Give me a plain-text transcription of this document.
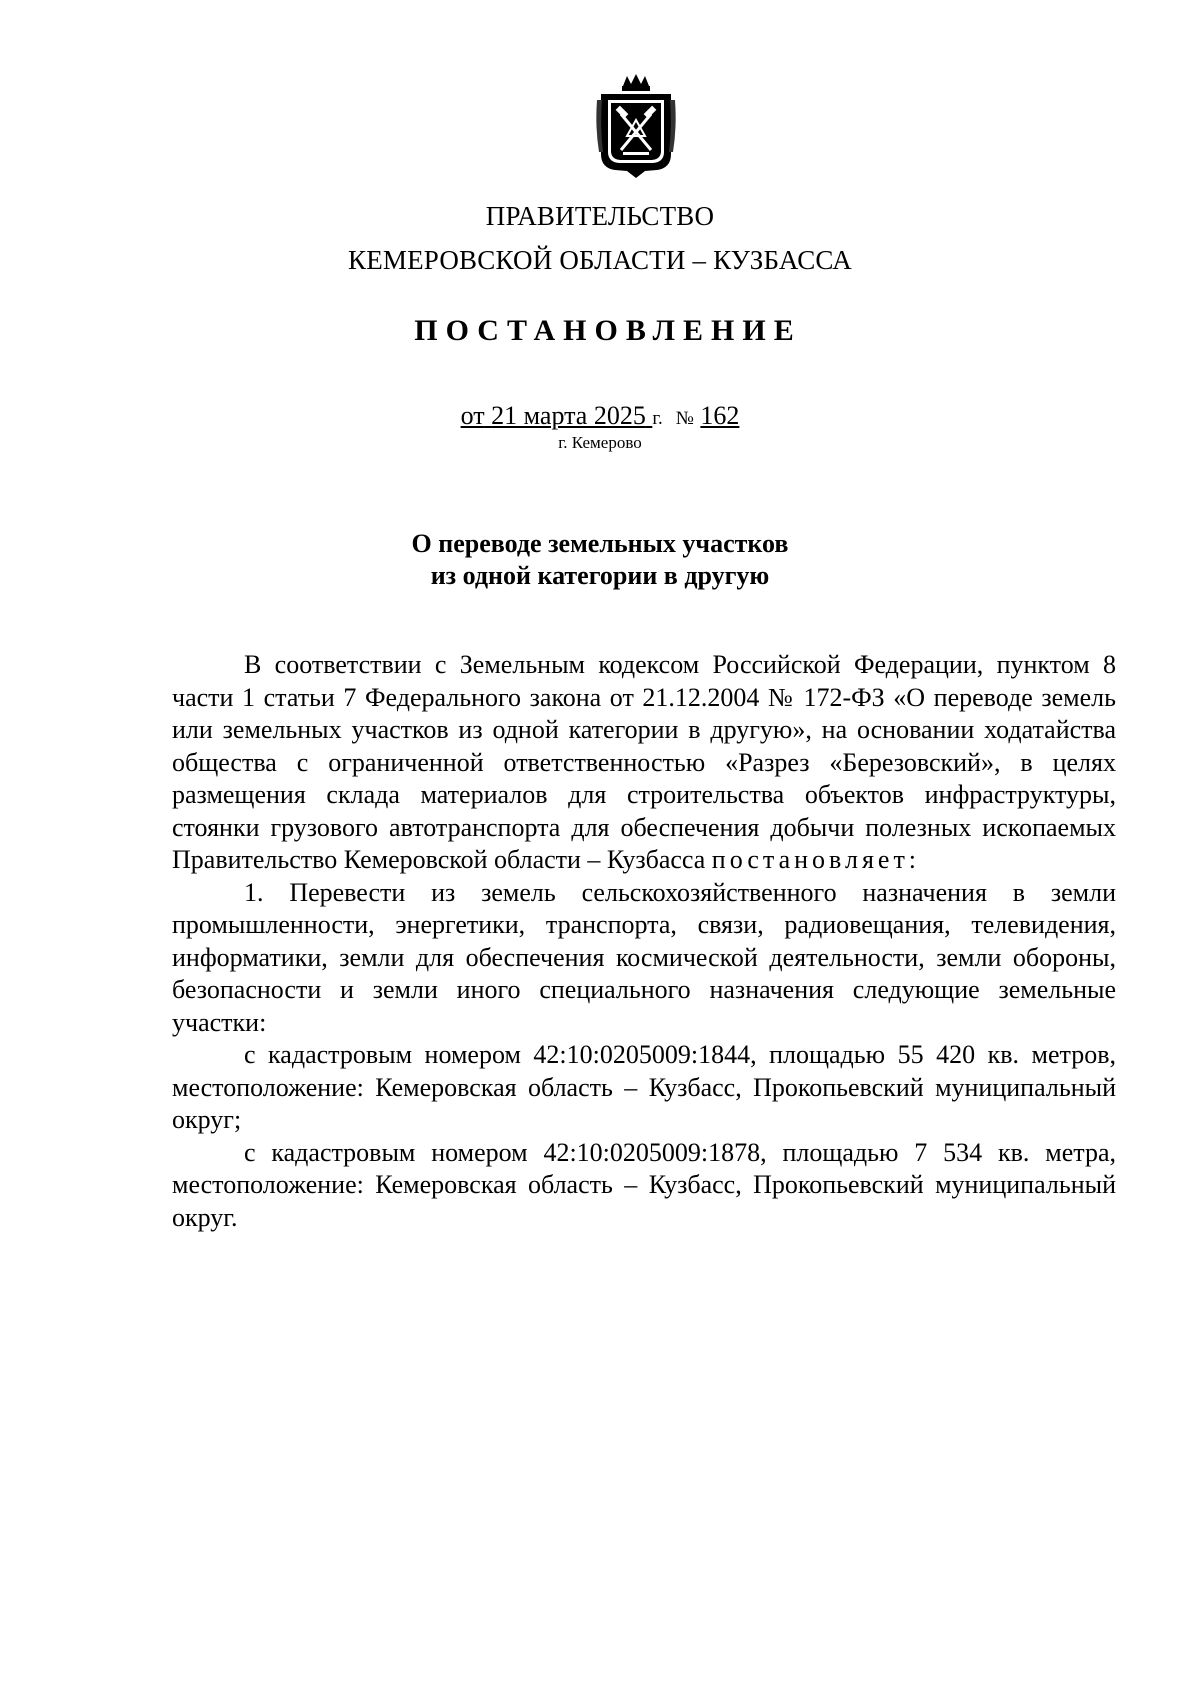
ПРАВИТЕЛЬСТВО
КЕМЕРОВСКОЙ ОБЛАСТИ – КУЗБАССА
ПОСТАНОВЛЕНИЕ
от 21 марта 2025 г. № 162
г. Кемерово
О переводе земельных участков
из одной категории в другую

В соответствии с Земельным кодексом Российской Федерации, пунктом 8 части 1 статьи 7 Федерального закона от 21.12.2004 № 172-ФЗ «О переводе земель или земельных участков из одной категории в другую», на основании ходатайства общества с ограниченной ответственностью «Разрез «Березовский», в целях размещения склада материалов для строительства объектов инфраструктуры, стоянки грузового автотранспорта для обеспечения добычи полезных ископаемых Правительство Кемеровской области – Кузбасса постановляет:

1. Перевести из земель сельскохозяйственного назначения в земли промышленности, энергетики, транспорта, связи, радиовещания, телевидения, информатики, земли для обеспечения космической деятельности, земли обороны, безопасности и земли иного специального назначения следующие земельные участки:

с кадастровым номером 42:10:0205009:1844, площадью 55 420 кв. метров, местоположение: Кемеровская область – Кузбасс, Прокопьевский муниципальный округ;

с кадастровым номером 42:10:0205009:1878, площадью 7 534 кв. метра, местоположение: Кемеровская область – Кузбасс, Прокопьевский муниципальный округ.
